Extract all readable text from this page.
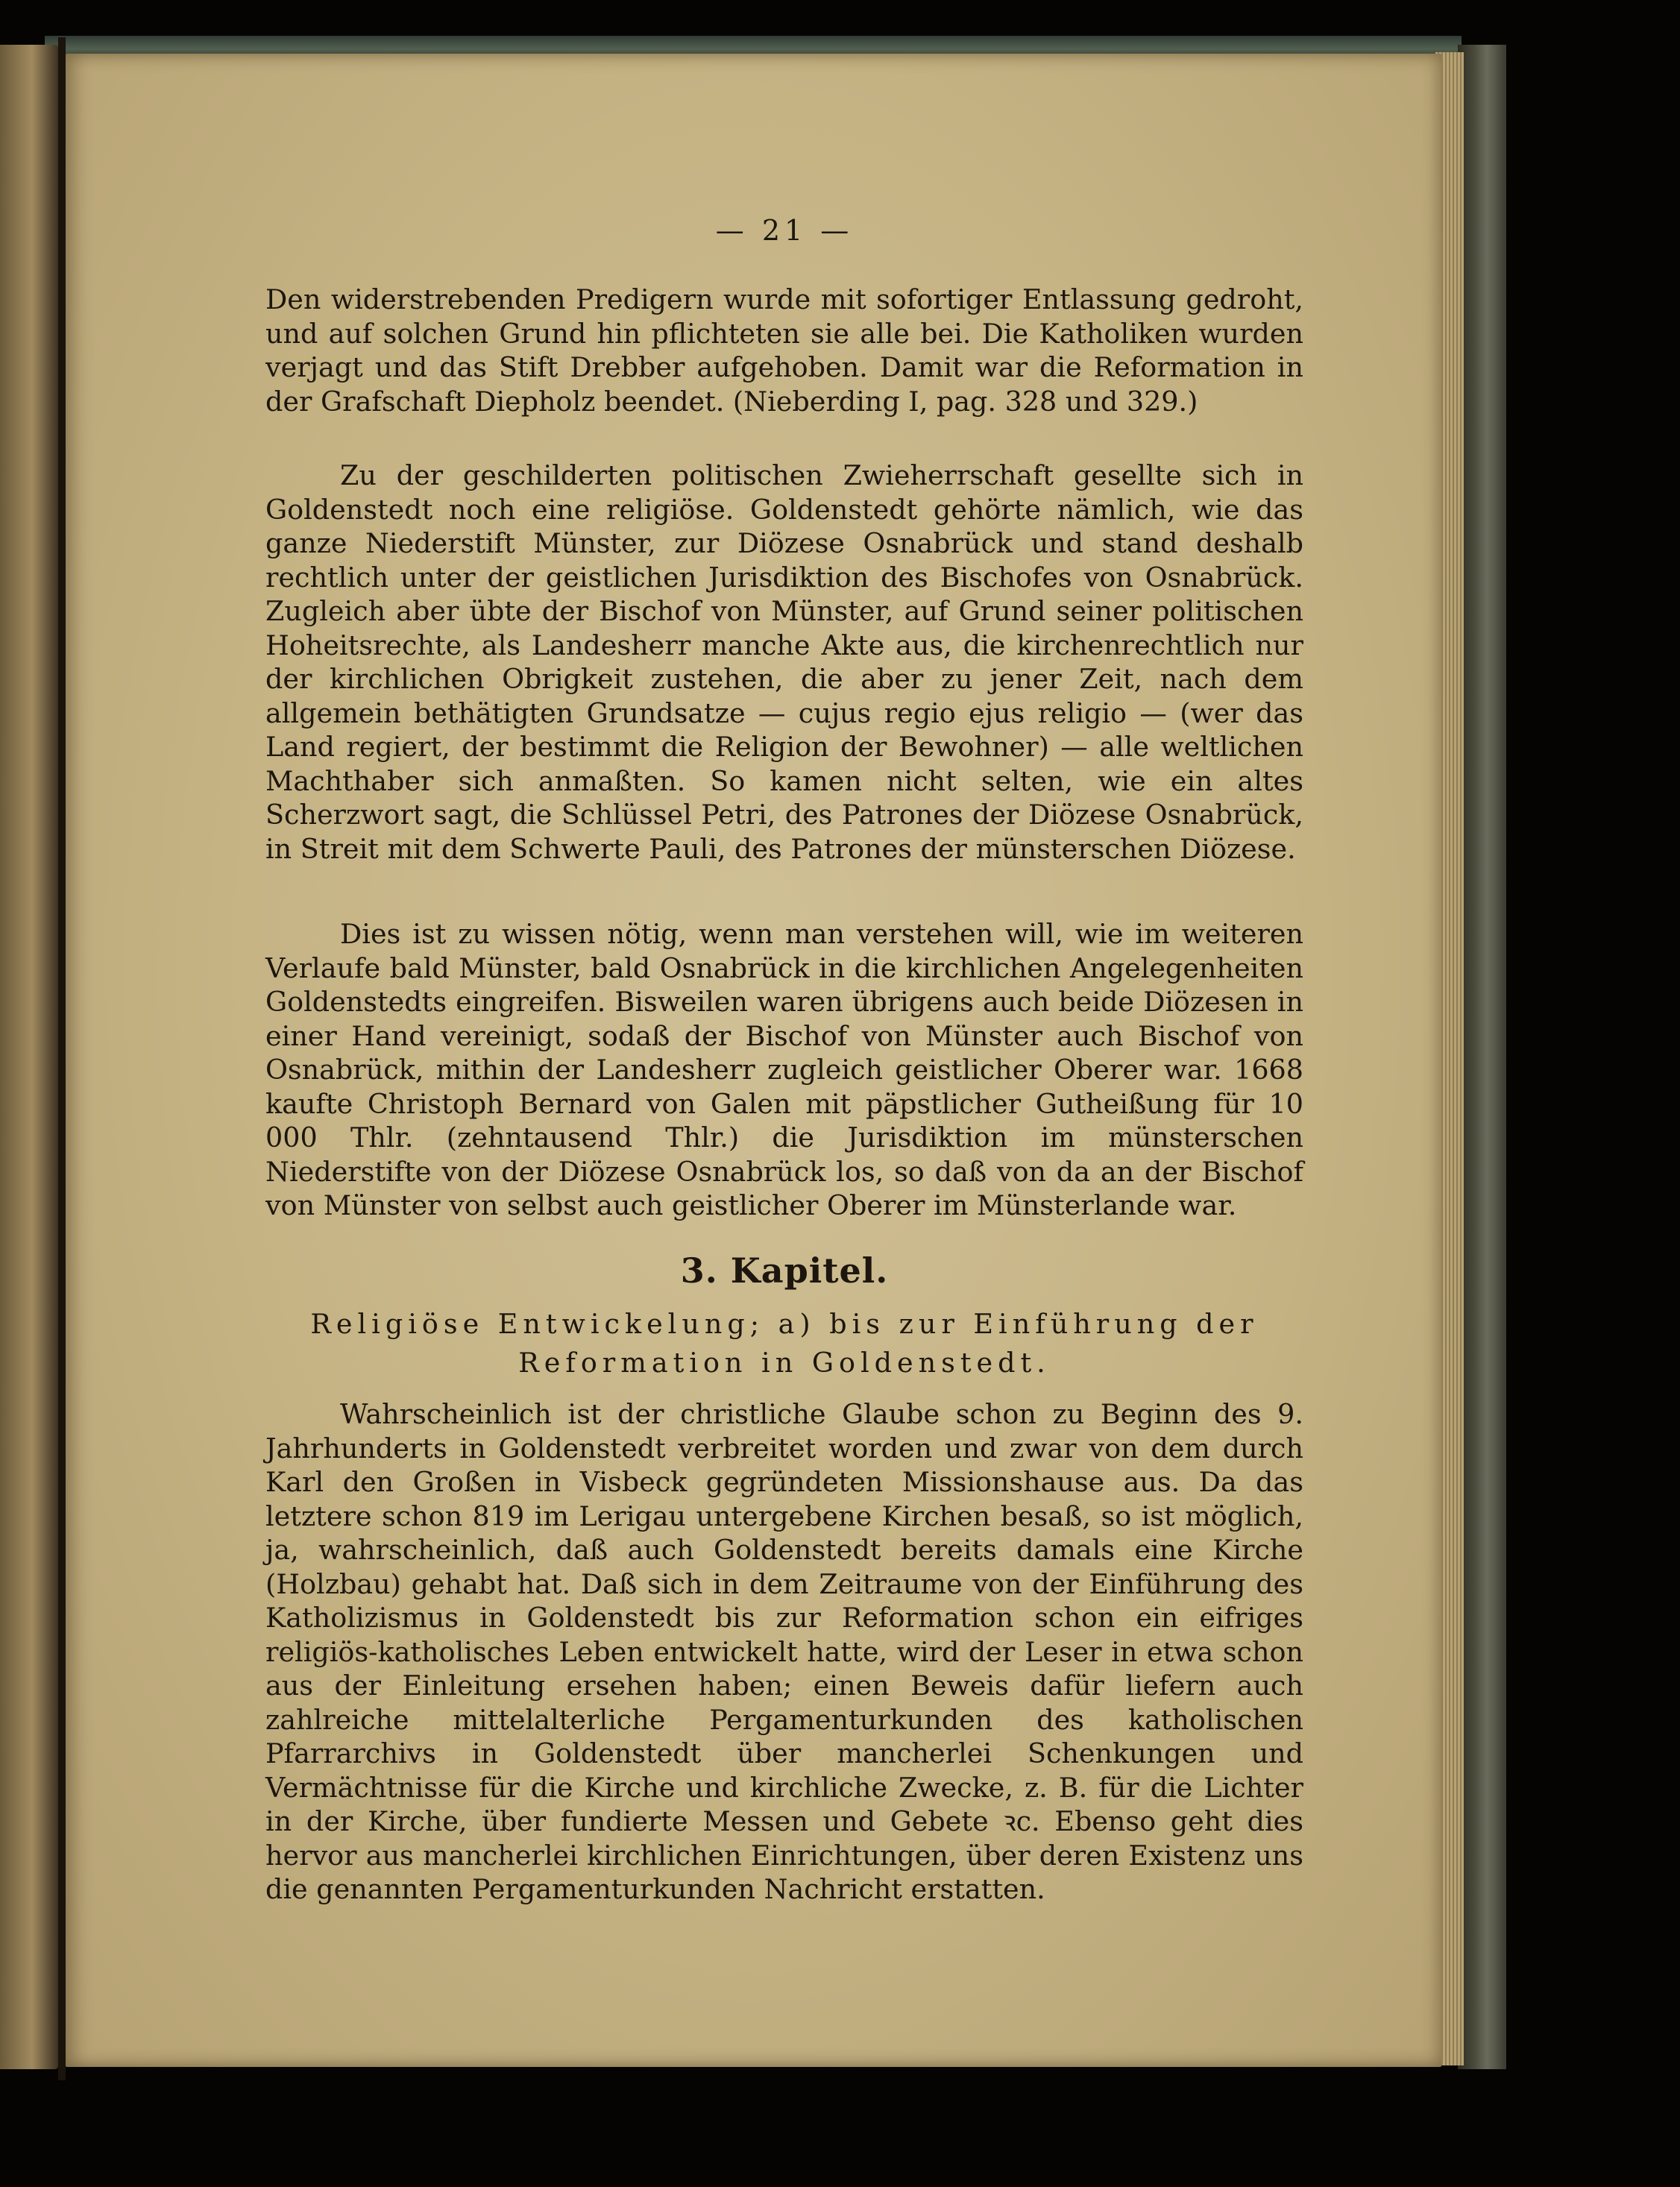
— 21 —

Den widerstrebenden Predigern wurde mit sofortiger Entlassung gedroht, und auf solchen Grund hin pflichteten sie alle bei. Die Katholiken wurden verjagt und das Stift Drebber aufgehoben. Damit war die Reformation in der Grafschaft Diepholz beendet. (Nieberding I, pag. 328 und 329.)

Zu der geschilderten politischen Zwieherrschaft gesellte sich in Goldenstedt noch eine religiöse. Goldenstedt gehörte nämlich, wie das ganze Niederstift Münster, zur Diözese Osnabrück und stand deshalb rechtlich unter der geistlichen Jurisdiktion des Bischofes von Osnabrück. Zugleich aber übte der Bischof von Münster, auf Grund seiner politischen Hoheitsrechte, als Landesherr manche Akte aus, die kirchenrechtlich nur der kirchlichen Obrigkeit zustehen, die aber zu jener Zeit, nach dem allgemein bethätigten Grundsatze — cujus regio ejus religio — (wer das Land regiert, der bestimmt die Religion der Bewohner) — alle weltlichen Machthaber sich anmaßten. So kamen nicht selten, wie ein altes Scherzwort sagt, die Schlüssel Petri, des Patrones der Diözese Osnabrück, in Streit mit dem Schwerte Pauli, des Patrones der münsterschen Diözese.

Dies ist zu wissen nötig, wenn man verstehen will, wie im weiteren Verlaufe bald Münster, bald Osnabrück in die kirchlichen Angelegenheiten Goldenstedts eingreifen. Bisweilen waren übrigens auch beide Diözesen in einer Hand vereinigt, sodaß der Bischof von Münster auch Bischof von Osnabrück, mithin der Landesherr zugleich geistlicher Oberer war. 1668 kaufte Christoph Bernard von Galen mit päpstlicher Gutheißung für 10 000 Thlr. (zehntausend Thlr.) die Jurisdiktion im münsterschen Niederstifte von der Diözese Osnabrück los, so daß von da an der Bischof von Münster von selbst auch geistlicher Oberer im Münsterlande war.

3. Kapitel.

Religiöse Entwickelung; a) bis zur Einführung der
Reformation in Goldenstedt.

Wahrscheinlich ist der christliche Glaube schon zu Beginn des 9. Jahrhunderts in Goldenstedt verbreitet worden und zwar von dem durch Karl den Großen in Visbeck gegründeten Missionshause aus. Da das letztere schon 819 im Lerigau untergebene Kirchen besaß, so ist möglich, ja, wahrscheinlich, daß auch Goldenstedt bereits damals eine Kirche (Holzbau) gehabt hat. Daß sich in dem Zeitraume von der Einführung des Katholizismus in Goldenstedt bis zur Reformation schon ein eifriges religiös-katholisches Leben entwickelt hatte, wird der Leser in etwa schon aus der Einleitung ersehen haben; einen Beweis dafür liefern auch zahlreiche mittelalterliche Pergamenturkunden des katholischen Pfarrarchivs in Goldenstedt über mancherlei Schenkungen und Vermächtnisse für die Kirche und kirchliche Zwecke, z. B. für die Lichter in der Kirche, über fundierte Messen und Gebete ꝛc. Ebenso geht dies hervor aus mancherlei kirchlichen Einrichtungen, über deren Existenz uns die genannten Pergamenturkunden Nachricht erstatten.
